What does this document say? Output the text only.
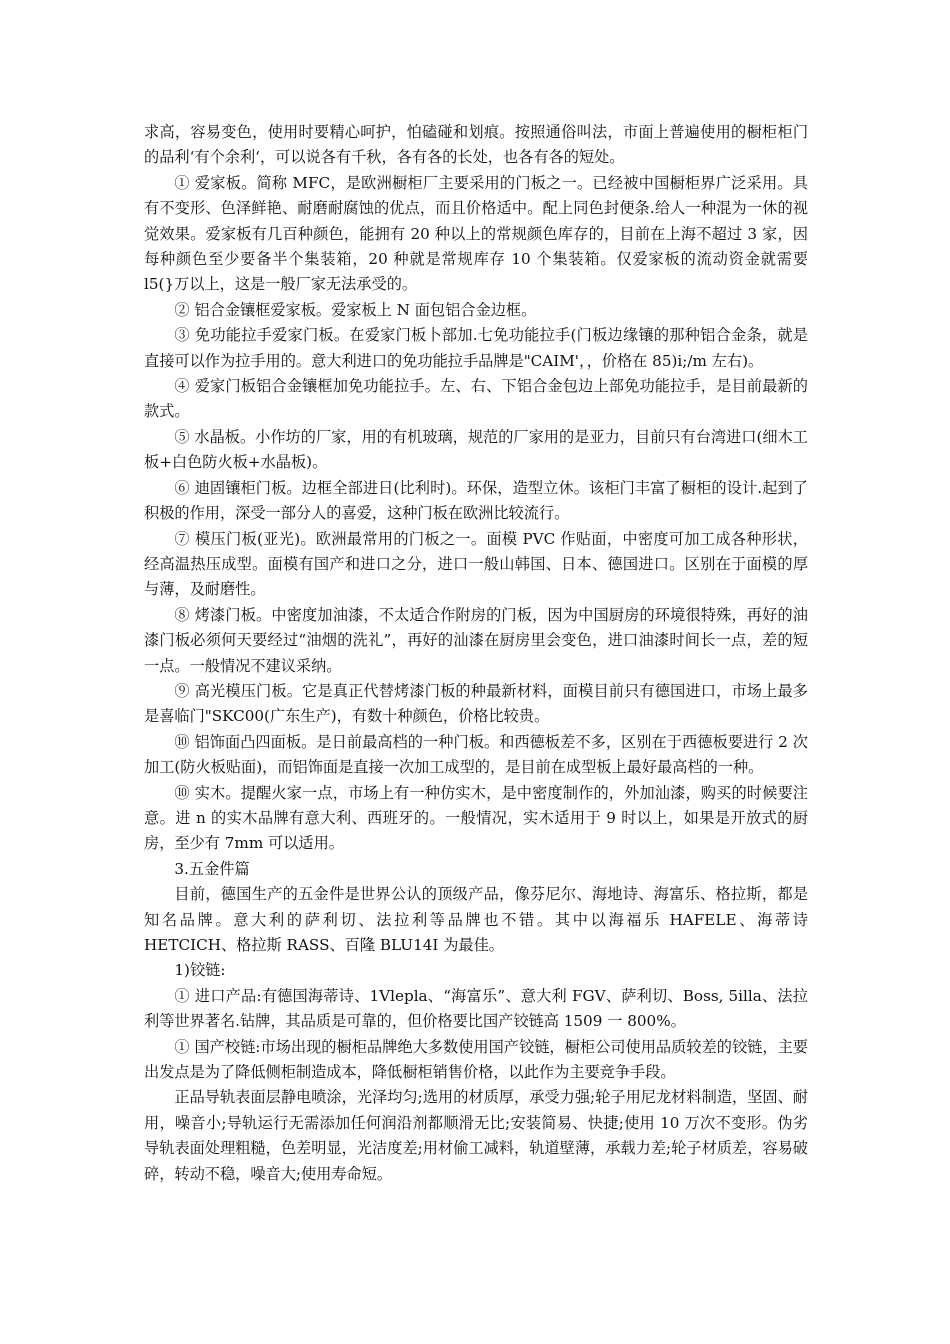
求高，容易变色，使用时要精心呵护，怕磕碰和划痕。按照通俗叫法，市面上普遍使用的橱柜柜门的品利‘有个余利‘，可以说各有千秋，各有各的长处，也各有各的短处。

① 爱家板。简称 MFC，是欧洲橱柜厂主要采用的门板之一。已经被中国橱柜界广泛采用。具有不变形、色泽鲜艳、耐磨耐腐蚀的优点，而且价格适中。配上同色封便条.给人一种混为一休的视觉效果。爱家板有几百种颜色，能拥有 20 种以上的常规颜色库存的，目前在上海不超过 3 家，因每种颜色至少要备半个集装箱，20 种就是常规库存 10 个集装箱。仅爱家板的流动资金就需要 l5(}万以上，这是一般厂家无法承受的。

② 铝合金镶框爱家板。爱家板上 N 面包铝合金边框。

③ 免功能拉手爱家门板。在爱家门板卜部加.七免功能拉手(门板边缘镶的那种铝合金条，就是直接可以作为拉手用的。意大利进口的免功能拉手品牌是"CAIM'，，价格在 85)i;/m 左右)。

④ 爱家门板铝合金镶框加免功能拉手。左、右、下铝合金包边上部免功能拉手，是目前最新的款式。

⑤ 水晶板。小作坊的厂家，用的有机玻璃，规范的厂家用的是亚力，目前只有台湾进口(细木工板+白色防火板+水晶板)。

⑥ 迪固镶柜门板。边框全部进日(比利时)。环保，造型立休。该柜门丰富了橱柜的设计.起到了积极的作用，深受一部分人的喜爱，这种门板在欧洲比较流行。

⑦ 模压门板(亚光)。欧洲最常用的门板之一。面模 PVC 作贴面，中密度可加工成各种形状，经高温热压成型。面模有国产和进口之分，进口一般山韩国、日本、德国进口。区别在于面模的厚与薄，及耐磨性。

⑧ 烤漆门板。中密度加油漆，不太适合作附房的门板，因为中国厨房的环境很特殊，再好的油漆门板必须何天要经过“油烟的洗礼”，再好的汕漆在厨房里会变色，进口油漆时间长一点，差的短一点。一般情况不建议采纳。

⑨ 高光模压门板。它是真正代替烤漆门板的种最新材料，面模目前只有德国进口，市场上最多是喜临门"SKC00(广东生产)，有数十种颜色，价格比较贵。

⑩ 铝饰面凸四面板。是日前最高档的一种门板。和西德板差不多，区别在于西德板要进行 2 次加工(防火板贴面)，而铝饰面是直接一次加工成型的，是目前在成型板上最好最高档的一种。

⑩ 实木。提醒火家一点，市场上有一种仿实木，是中密度制作的，外加汕漆，购买的时候要注意。进 n 的实木品牌有意大利、西班牙的。一般情况，实木适用于 9 时以上，如果是开放式的厨房，至少有 7mm 可以适用。

3.五金件篇

目前，德国生产的五金件是世界公认的顶级产品，像芬尼尔、海地诗、海富乐、格拉斯，都是知名品牌。意大利的萨利切、法拉利等品牌也不错。其中以海福乐 HAFELE、海蒂诗 HETCICH、格拉斯 RASS、百隆 BLU14I 为最佳。

1)铰链:

① 进口产品:有德国海蒂诗、1Vlepla、“海富乐”、意大利 FGV、萨利切、Boss, 5illa、法拉利等世界著名.钻牌，其品质是可靠的，但价格要比国产铰链高 1509 一 800%。

① 国产校链:市场出现的橱柜品牌绝大多数使用国产铰链，橱柜公司使用品质较差的铰链，主要出发点是为了降低侧柜制造成本，降低橱柜销售价格，以此作为主要竞争手段。

正品导轨表面层静电喷涂，光泽均匀;选用的材质厚，承受力强;轮子用尼龙材料制造，坚固、耐用，噪音小;导轨运行无需添加任何润沿剂都顺滑无比;安装简易、快捷;使用 10 万次不变形。伪劣导轨表面处理粗糙，色差明显，光洁度差;用材偷工减料，轨道壁薄，承载力差;轮子材质差，容易破碎，转动不稳，噪音大;使用寿命短。
